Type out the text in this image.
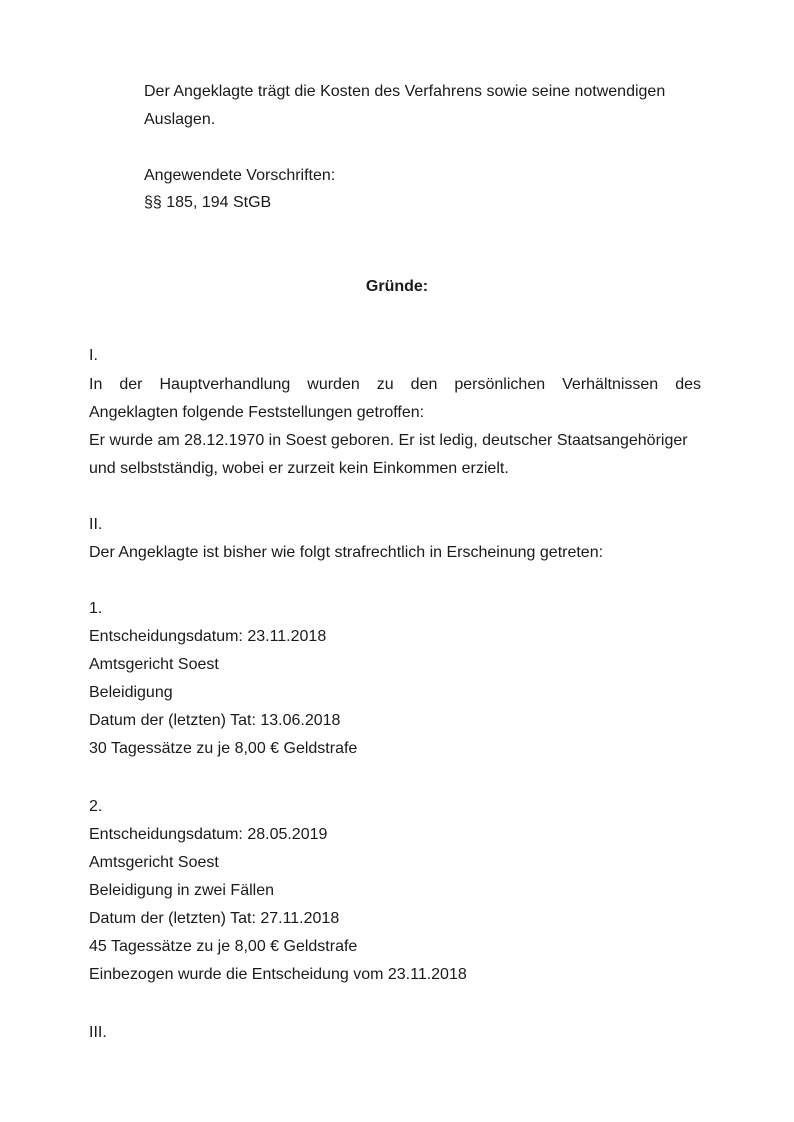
Der Angeklagte trägt die Kosten des Verfahrens sowie seine notwendigen
Auslagen.
Angewendete Vorschriften:
§§ 185, 194 StGB
Gründe:
I.
In der Hauptverhandlung wurden zu den persönlichen Verhältnissen des
Angeklagten folgende Feststellungen getroffen:
Er wurde am 28.12.1970 in Soest geboren. Er ist ledig, deutscher Staatsangehöriger
und selbstständig, wobei er zurzeit kein Einkommen erzielt.
II.
Der Angeklagte ist bisher wie folgt strafrechtlich in Erscheinung getreten:
1.
Entscheidungsdatum: 23.11.2018
Amtsgericht Soest
Beleidigung
Datum der (letzten) Tat: 13.06.2018
30 Tagessätze zu je 8,00 € Geldstrafe
2.
Entscheidungsdatum: 28.05.2019
Amtsgericht Soest
Beleidigung in zwei Fällen
Datum der (letzten) Tat: 27.11.2018
45 Tagessätze zu je 8,00 € Geldstrafe
Einbezogen wurde die Entscheidung vom 23.11.2018
III.
